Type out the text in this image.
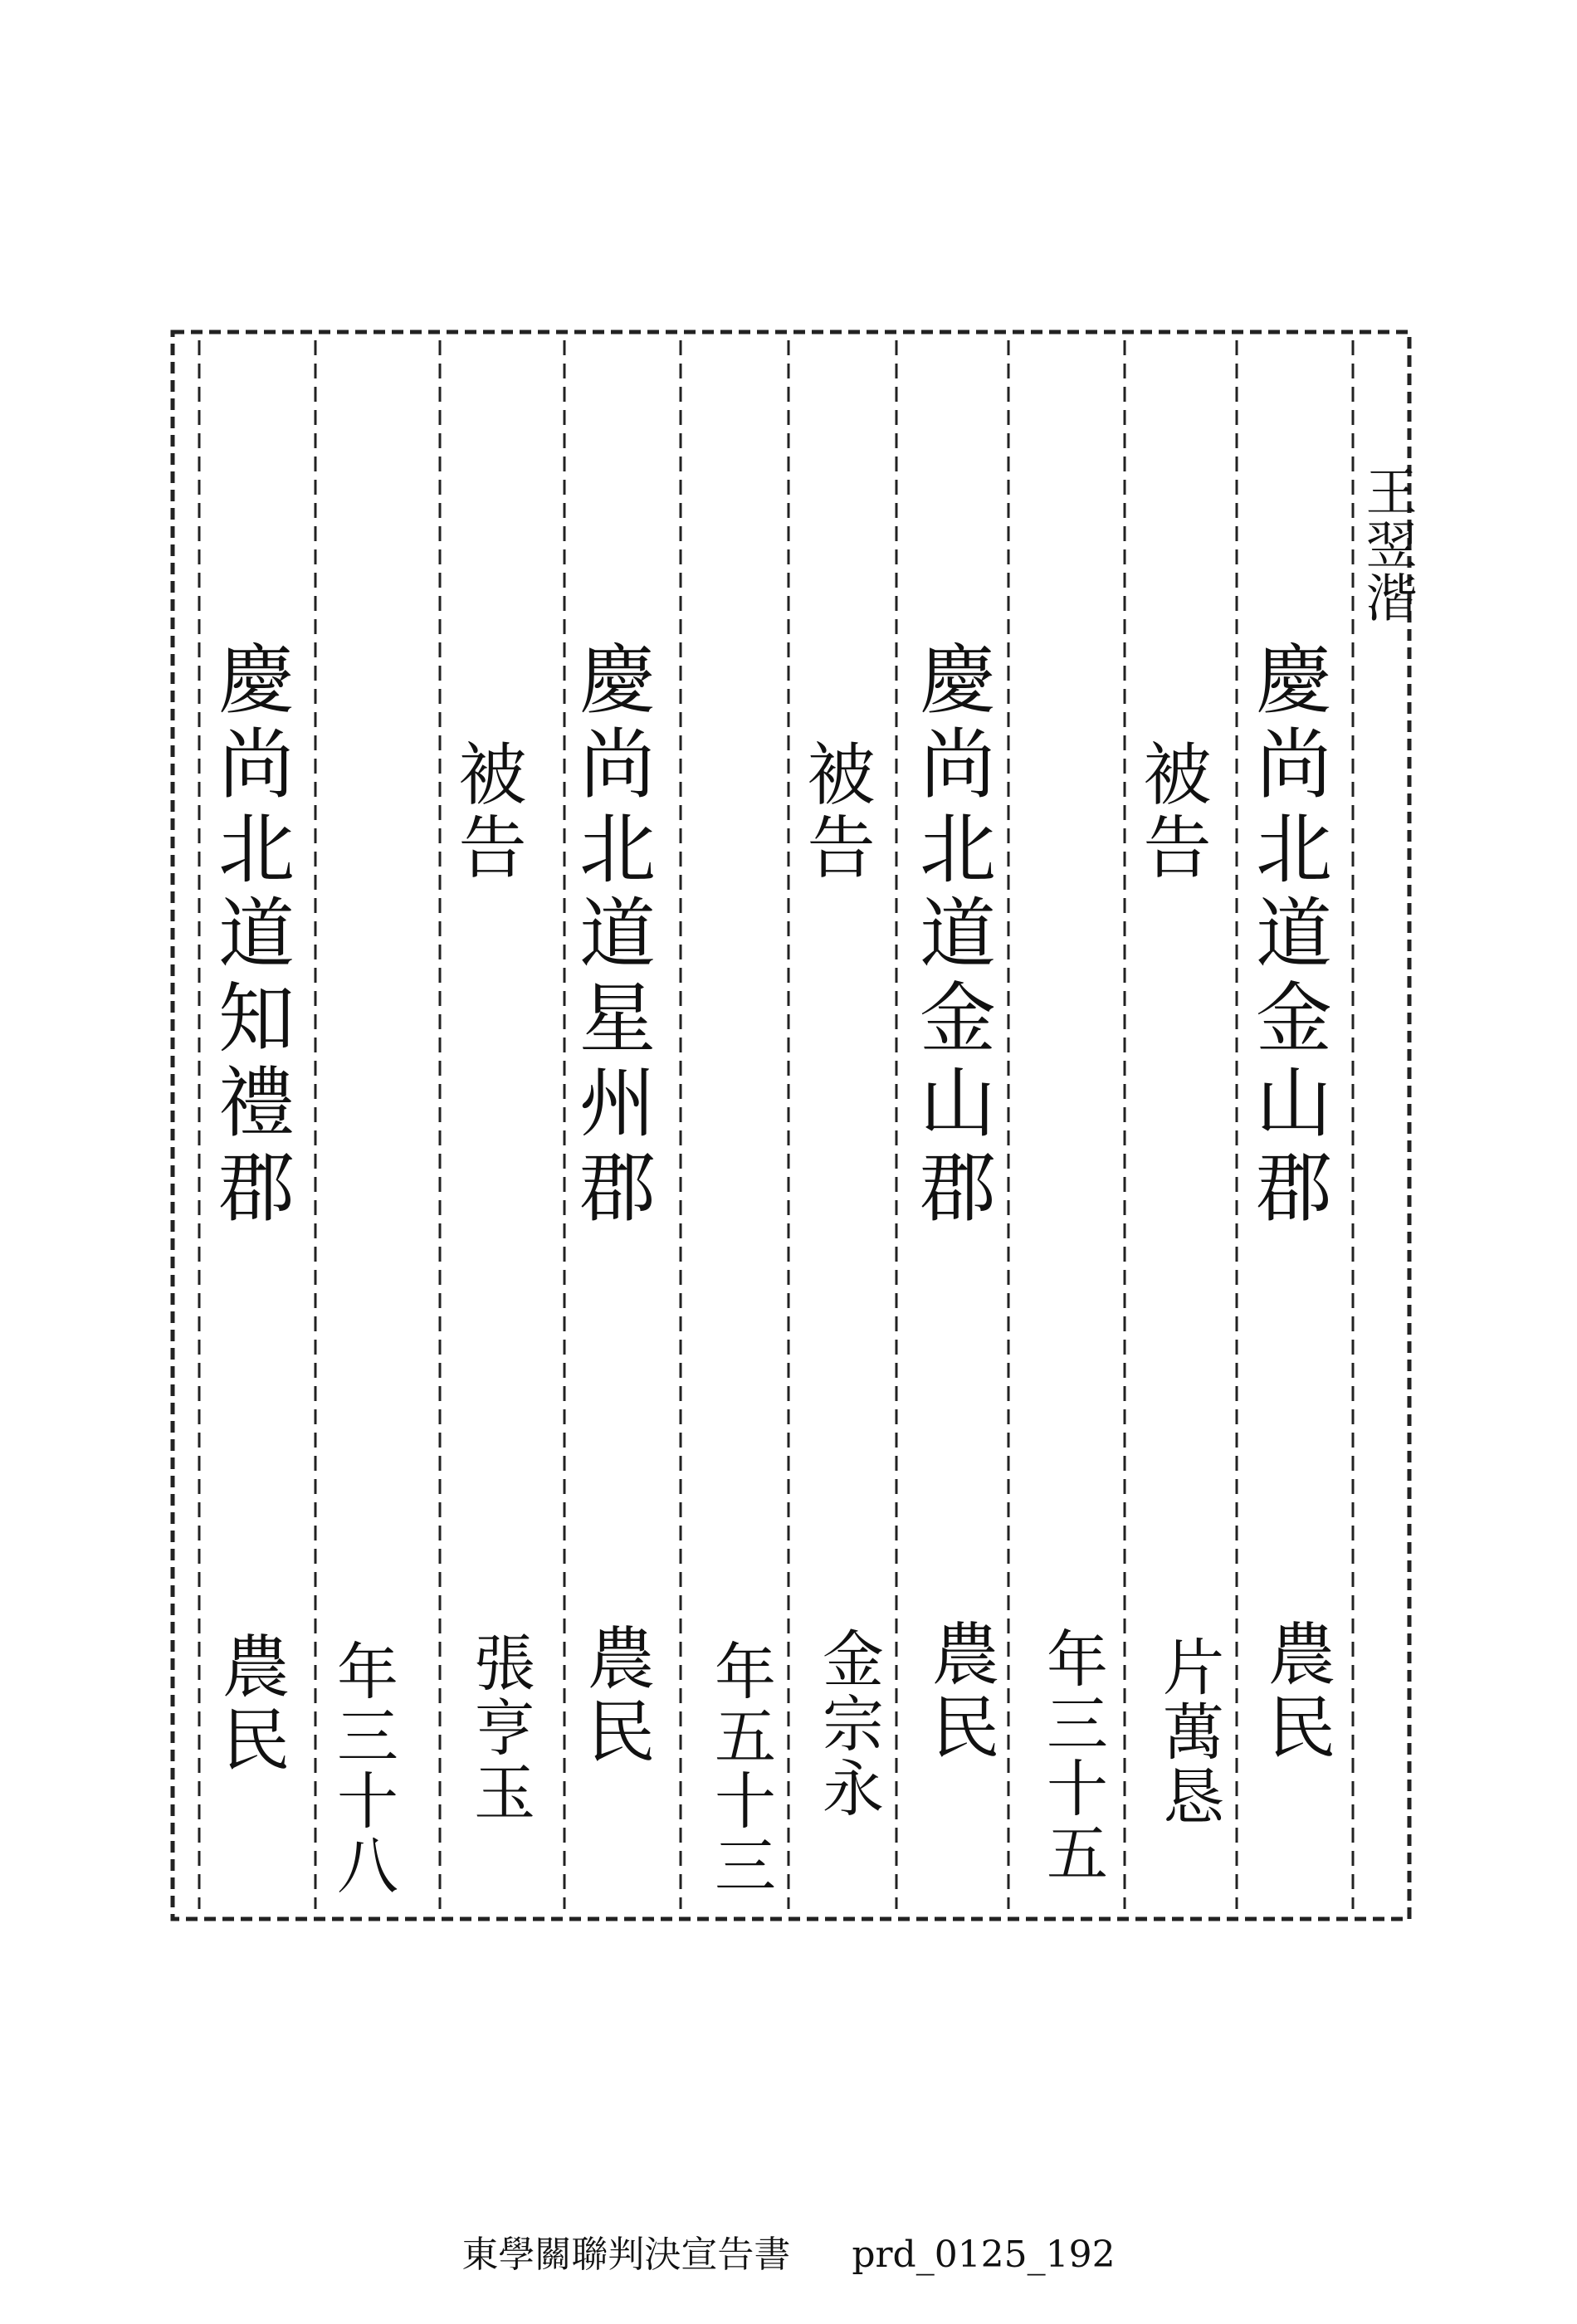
王翌湝
慶尚北道金山郡
被告
慶尚北道金山郡
被告
慶尚北道星州郡
被告
慶尚北道知禮郡
農民
片萬恳
年三十五
農民
金宗永
年五十三
農民
張亨玉
年三十八
農民
東學關聯判決宣告書 prd_0125_192
